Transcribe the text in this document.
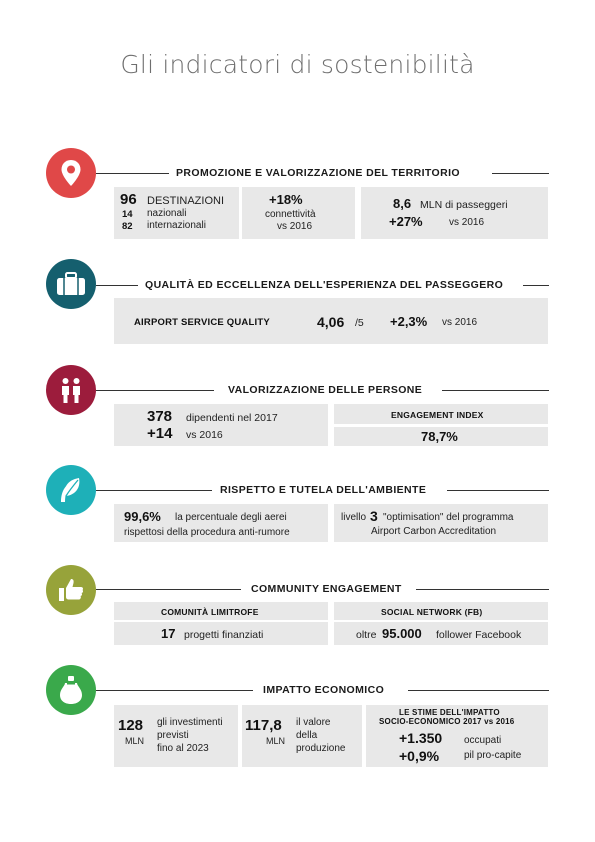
Gli indicatori di sostenibilità
PROMOZIONE E VALORIZZAZIONE DEL TERRITORIO
96 DESTINAZIONI
14 nazionali
82 internazionali
+18%
connettività
vs 2016
8,6 MLN di passeggeri
+27%	vs 2016
QUALITÀ ED ECCELLENZA DELL'ESPERIENZA DEL PASSEGGERO
AIRPORT SERVICE QUALITY	4,06 /5 +2,3% vs 2016
VALORIZZAZIONE DELLE PERSONE
378 dipendenti nel 2017
+14 vs 2016
ENGAGEMENT INDEX
78,7%
RISPETTO E TUTELA DELL'AMBIENTE
99,6% la percentuale degli aerei
rispettosi della procedura anti-rumore
livello 3 "optimisation" del programma
Airport Carbon Accreditation
COMMUNITY ENGAGEMENT
COMUNITÀ LIMITROFE
17 progetti finanziati
SOCIAL NETWORK (FB)
oltre 95.000 follower Facebook
IMPATTO ECONOMICO
128
MLN
gli investimenti
previsti
fino al 2023
117,8
MLN
il valore
della
produzione
LE STIME DELL'IMPATTO
SOCIO-ECONOMICO 2017 vs 2016
+1.350 occupati
+0,9% pil pro-capite
